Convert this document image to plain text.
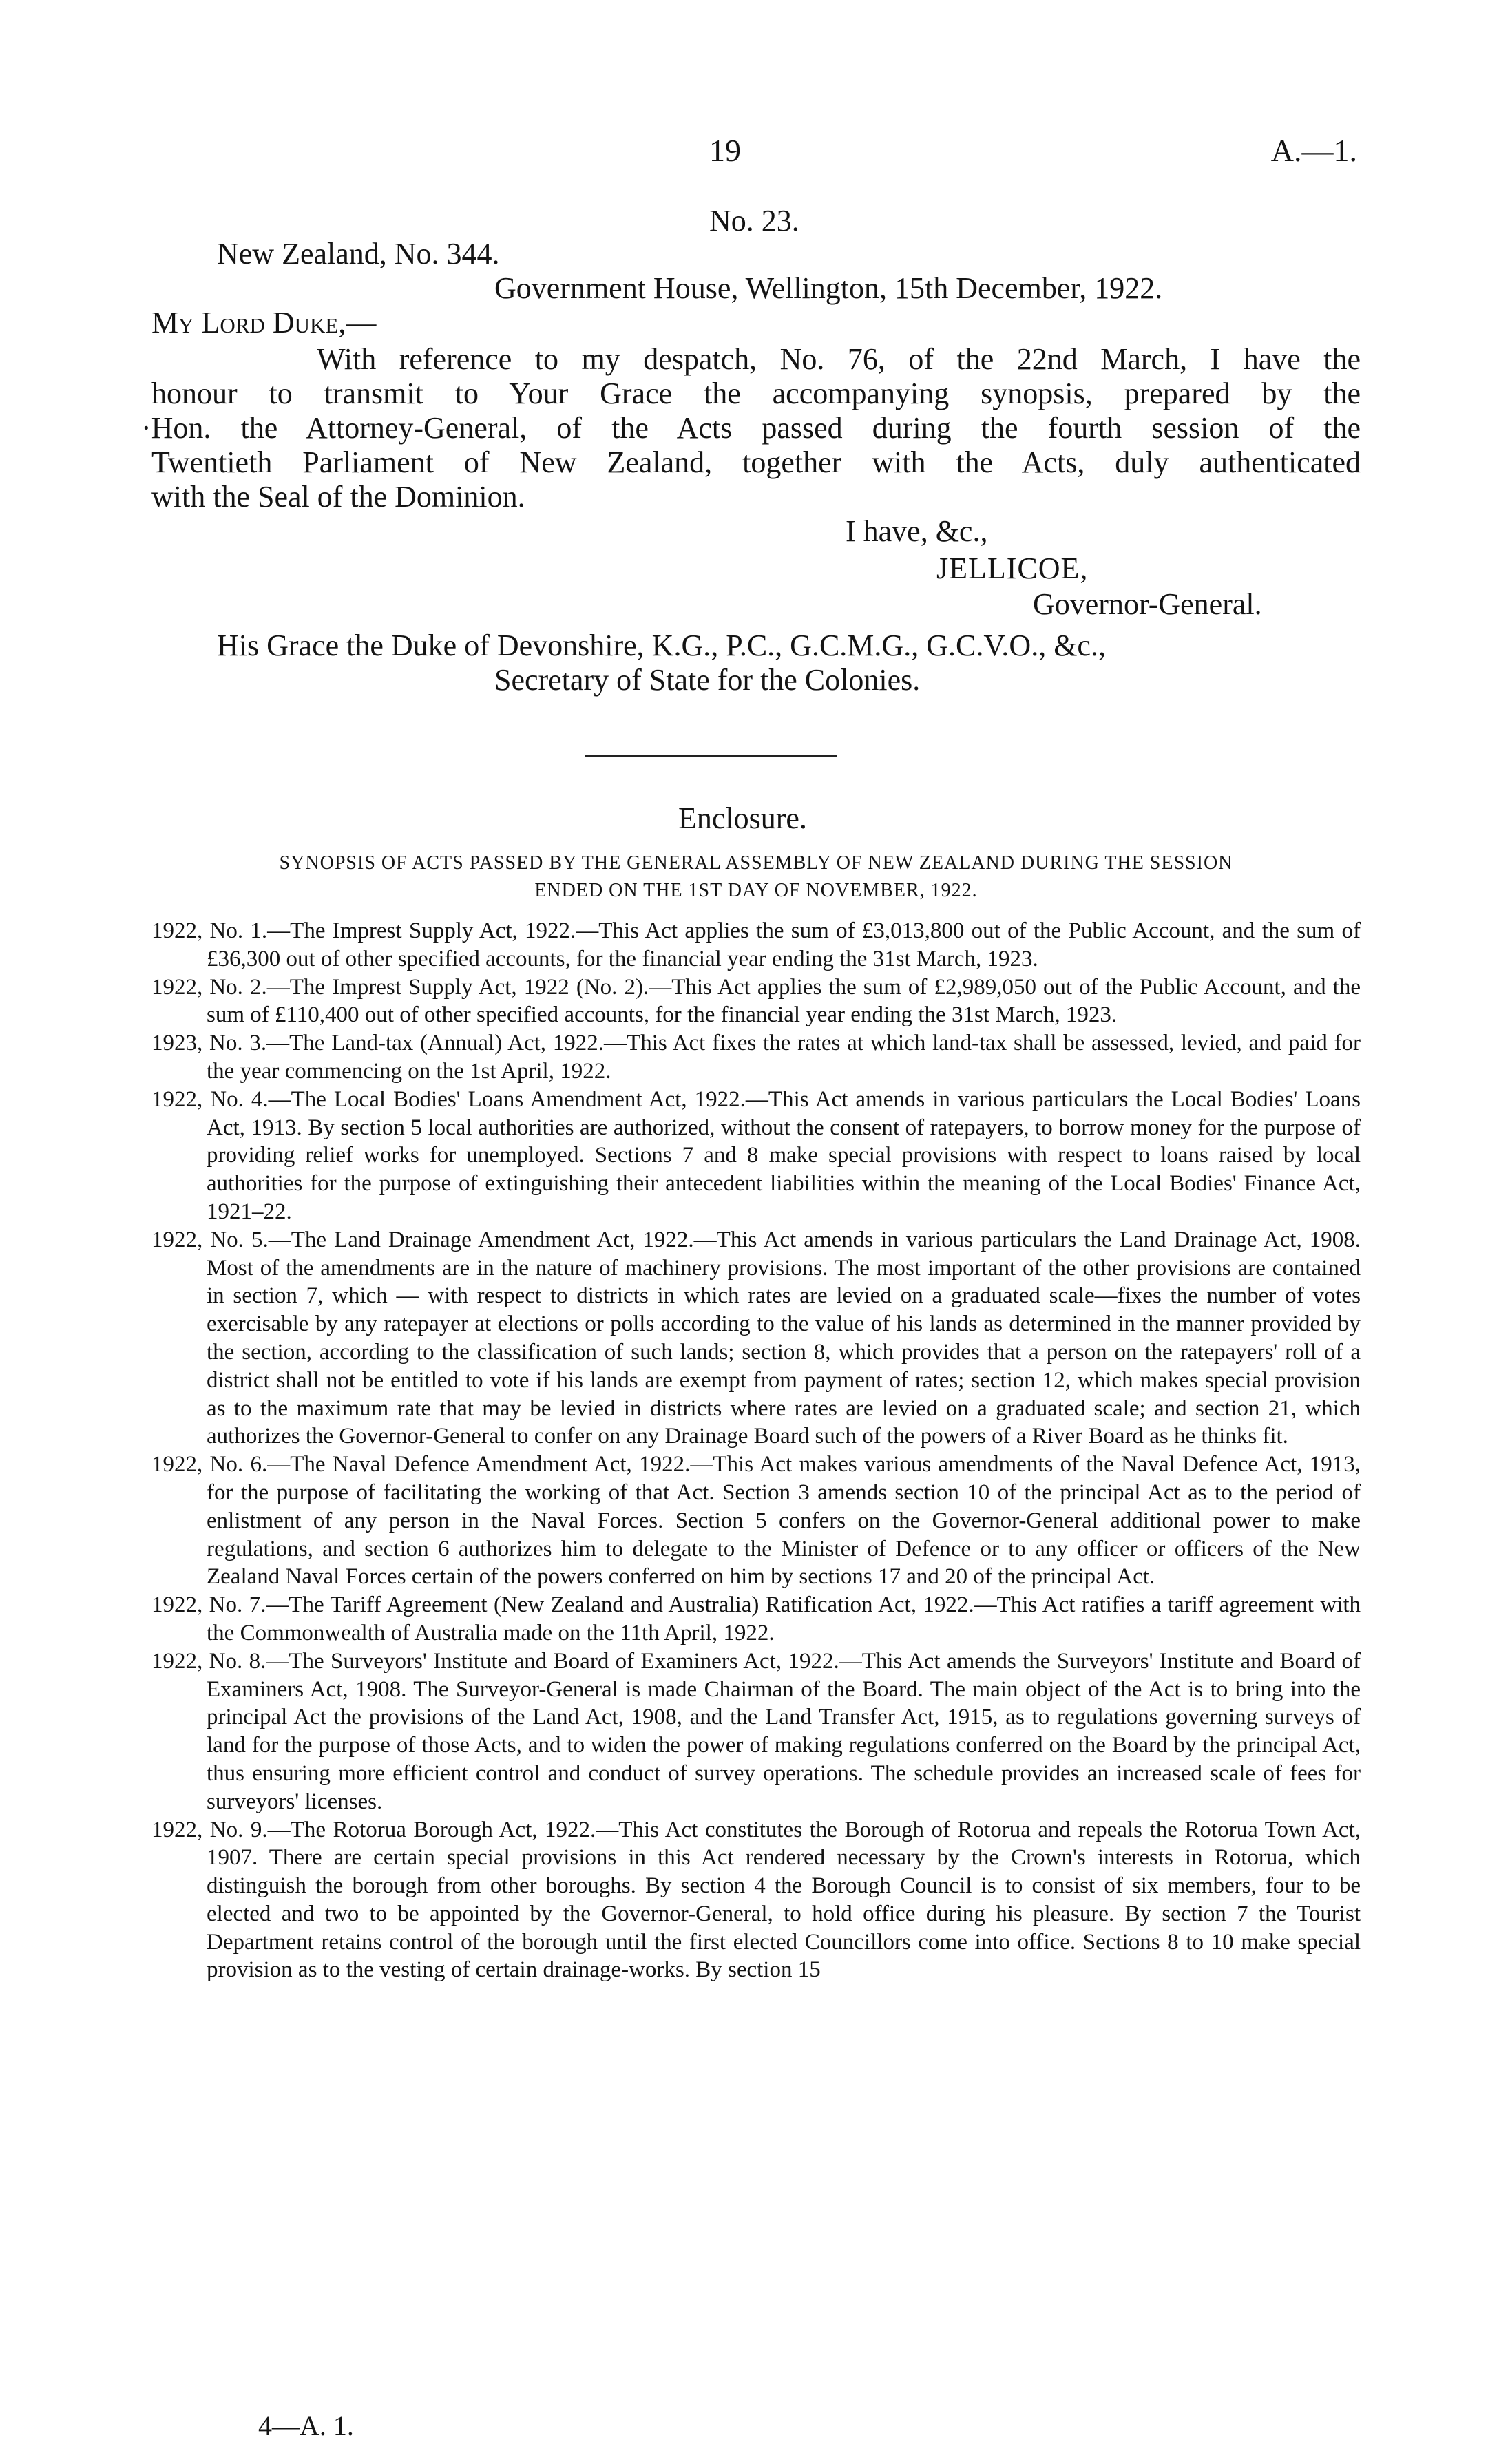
19	A.—1.
No. 23.
New Zealand, No. 344.
Government House, Wellington, 15th December, 1922.
My Lord Duke,—
With reference to my despatch, No. 76, of the 22nd March, I have the
honour to transmit to Your Grace the accompanying synopsis, prepared by the
·Hon. the Attorney-General, of the Acts passed during the fourth session of the
Twentieth Parliament of New Zealand, together with the Acts, duly authenticated
with the Seal of the Dominion.
I have, &c.,
JELLICOE,
Governor-General.
His Grace the Duke of Devonshire, K.G., P.C., G.C.M.G., G.C.V.O., &c.,
Secretary of State for the Colonies.
Enclosure.
SYNOPSIS OF ACTS PASSED BY THE GENERAL ASSEMBLY OF NEW ZEALAND DURING THE SESSION
ENDED ON THE 1ST DAY OF NOVEMBER, 1922.
1922, No. 1.—The Imprest Supply Act, 1922.—This Act applies the sum of £3,013,800 out of the Public Account, and the sum of £36,300 out of other specified accounts, for the financial year ending the 31st March, 1923.
1922, No. 2.—The Imprest Supply Act, 1922 (No. 2).—This Act applies the sum of £2,989,050 out of the Public Account, and the sum of £110,400 out of other specified accounts, for the financial year ending the 31st March, 1923.
1923, No. 3.—The Land-tax (Annual) Act, 1922.—This Act fixes the rates at which land-tax shall be assessed, levied, and paid for the year commencing on the 1st April, 1922.
1922, No. 4.—The Local Bodies' Loans Amendment Act, 1922.—This Act amends in various particulars the Local Bodies' Loans Act, 1913. By section 5 local authorities are authorized, without the consent of ratepayers, to borrow money for the purpose of providing relief works for unemployed. Sections 7 and 8 make special provisions with respect to loans raised by local authorities for the purpose of extinguishing their antecedent liabilities within the meaning of the Local Bodies' Finance Act, 1921–22.
1922, No. 5.—The Land Drainage Amendment Act, 1922.—This Act amends in various particulars the Land Drainage Act, 1908. Most of the amendments are in the nature of machinery provisions. The most important of the other provisions are contained in section 7, which — with respect to districts in which rates are levied on a graduated scale—fixes the number of votes exercisable by any ratepayer at elections or polls according to the value of his lands as determined in the manner provided by the section, according to the classification of such lands; section 8, which provides that a person on the ratepayers' roll of a district shall not be entitled to vote if his lands are exempt from payment of rates; section 12, which makes special provision as to the maximum rate that may be levied in districts where rates are levied on a graduated scale; and section 21, which authorizes the Governor-General to confer on any Drainage Board such of the powers of a River Board as he thinks fit.
1922, No. 6.—The Naval Defence Amendment Act, 1922.—This Act makes various amendments of the Naval Defence Act, 1913, for the purpose of facilitating the working of that Act. Section 3 amends section 10 of the principal Act as to the period of enlistment of any person in the Naval Forces. Section 5 confers on the Governor-General additional power to make regulations, and section 6 authorizes him to delegate to the Minister of Defence or to any officer or officers of the New Zealand Naval Forces certain of the powers conferred on him by sections 17 and 20 of the principal Act.
1922, No. 7.—The Tariff Agreement (New Zealand and Australia) Ratification Act, 1922.—This Act ratifies a tariff agreement with the Commonwealth of Australia made on the 11th April, 1922.
1922, No. 8.—The Surveyors' Institute and Board of Examiners Act, 1922.—This Act amends the Surveyors' Institute and Board of Examiners Act, 1908. The Surveyor-General is made Chairman of the Board. The main object of the Act is to bring into the principal Act the provisions of the Land Act, 1908, and the Land Transfer Act, 1915, as to regulations governing surveys of land for the purpose of those Acts, and to widen the power of making regulations conferred on the Board by the principal Act, thus ensuring more efficient control and conduct of survey operations. The schedule provides an increased scale of fees for surveyors' licenses.
1922, No. 9.—The Rotorua Borough Act, 1922.—This Act constitutes the Borough of Rotorua and repeals the Rotorua Town Act, 1907. There are certain special provisions in this Act rendered necessary by the Crown's interests in Rotorua, which distinguish the borough from other boroughs. By section 4 the Borough Council is to consist of six members, four to be elected and two to be appointed by the Governor-General, to hold office during his pleasure. By section 7 the Tourist Department retains control of the borough until the first elected Councillors come into office. Sections 8 to 10 make special provision as to the vesting of certain drainage-works. By section 15
4—A. 1.
